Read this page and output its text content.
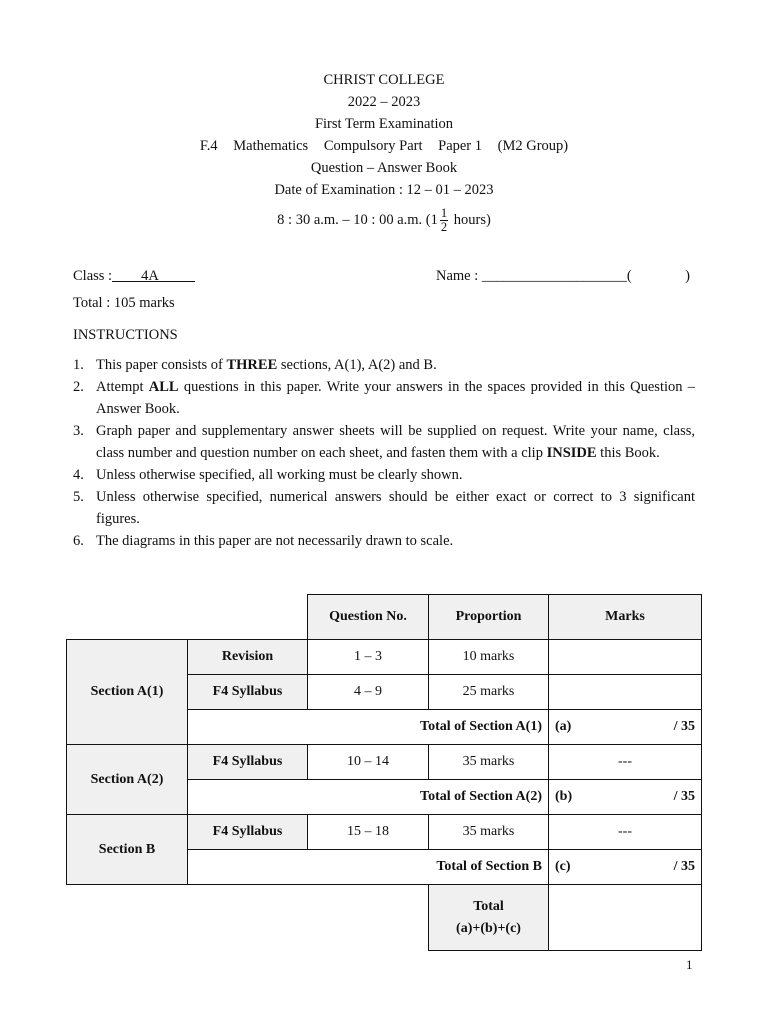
CHRIST COLLEGE
2022 – 2023
First Term Examination
F.4 Mathematics Compulsory Part Paper 1 (M2 Group)
Question – Answer Book
Date of Examination : 12 – 01 – 2023
8 : 30 a.m. – 10 : 00 a.m. ($1 \frac{1}{2}$ hours)
Class : 4A	Name : ____________________(	)
Total : 105 marks
INSTRUCTIONS
1. This paper consists of THREE sections, A(1), A(2) and B.
2. Attempt ALL questions in this paper. Write your answers in the spaces provided in this Question – Answer Book.
3. Graph paper and supplementary answer sheets will be supplied on request. Write your name, class, class number and question number on each sheet, and fasten them with a clip INSIDE this Book.
4. Unless otherwise specified, all working must be clearly shown.
5. Unless otherwise specified, numerical answers should be either exact or correct to 3 significant figures.
6. The diagrams in this paper are not necessarily drawn to scale.
		Question No.	Proportion	Marks
Section A(1)	Revision	1 – 3	10 marks	
	F4 Syllabus	4 – 9	25 marks	
	Total of Section A(1)			(a) / 35

Section A(2)	F4 Syllabus	10 – 14	35 marks	---
	Total of Section A(2)			(b) / 35

Section B	F4 Syllabus	15 – 18	35 marks	---
	Total of Section B			(c) / 35

			Total
(a)+(b)+(c)	

1
